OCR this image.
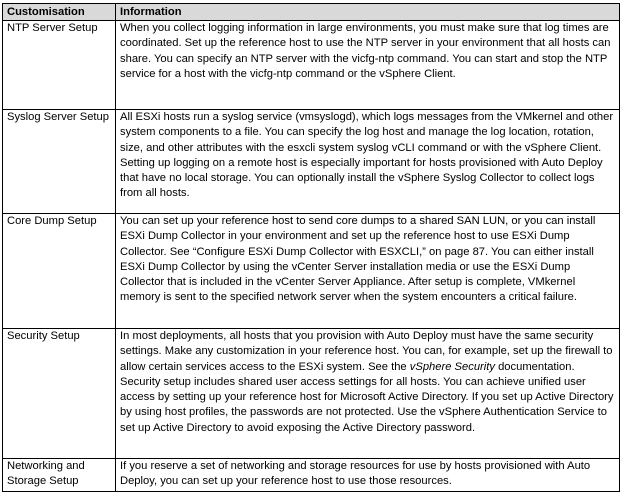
Customisation	Information
NTP Server Setup	When you collect logging information in large environments, you must make sure that log times are coordinated. Set up the reference host to use the NTP server in your environment that all hosts can share. You can specify an NTP server with the vicfg-ntp command. You can start and stop the NTP service for a host with the vicfg-ntp command or the vSphere Client.
Syslog Server Setup	All ESXi hosts run a syslog service (vmsyslogd), which logs messages from the VMkernel and other system components to a file. You can specify the log host and manage the log location, rotation, size, and other attributes with the esxcli system syslog vCLI command or with the vSphere Client. Setting up logging on a remote host is especially important for hosts provisioned with Auto Deploy that have no local storage. You can optionally install the vSphere Syslog Collector to collect logs from all hosts.
Core Dump Setup	You can set up your reference host to send core dumps to a shared SAN LUN, or you can install ESXi Dump Collector in your environment and set up the reference host to use ESXi Dump Collector. See “Configure ESXi Dump Collector with ESXCLI,” on page 87. You can either install ESXi Dump Collector by using the vCenter Server installation media or use the ESXi Dump Collector that is included in the vCenter Server Appliance. After setup is complete, VMkernel memory is sent to the specified network server when the system encounters a critical failure.
Security Setup	In most deployments, all hosts that you provision with Auto Deploy must have the same security settings. Make any customization in your reference host. You can, for example, set up the firewall to allow certain services access to the ESXi system. See the vSphere Security documentation. Security setup includes shared user access settings for all hosts. You can achieve unified user access by setting up your reference host for Microsoft Active Directory. If you set up Active Directory by using host profiles, the passwords are not protected. Use the vSphere Authentication Service to set up Active Directory to avoid exposing the Active Directory password.
Networking and Storage Setup	If you reserve a set of networking and storage resources for use by hosts provisioned with Auto Deploy, you can set up your reference host to use those resources.
